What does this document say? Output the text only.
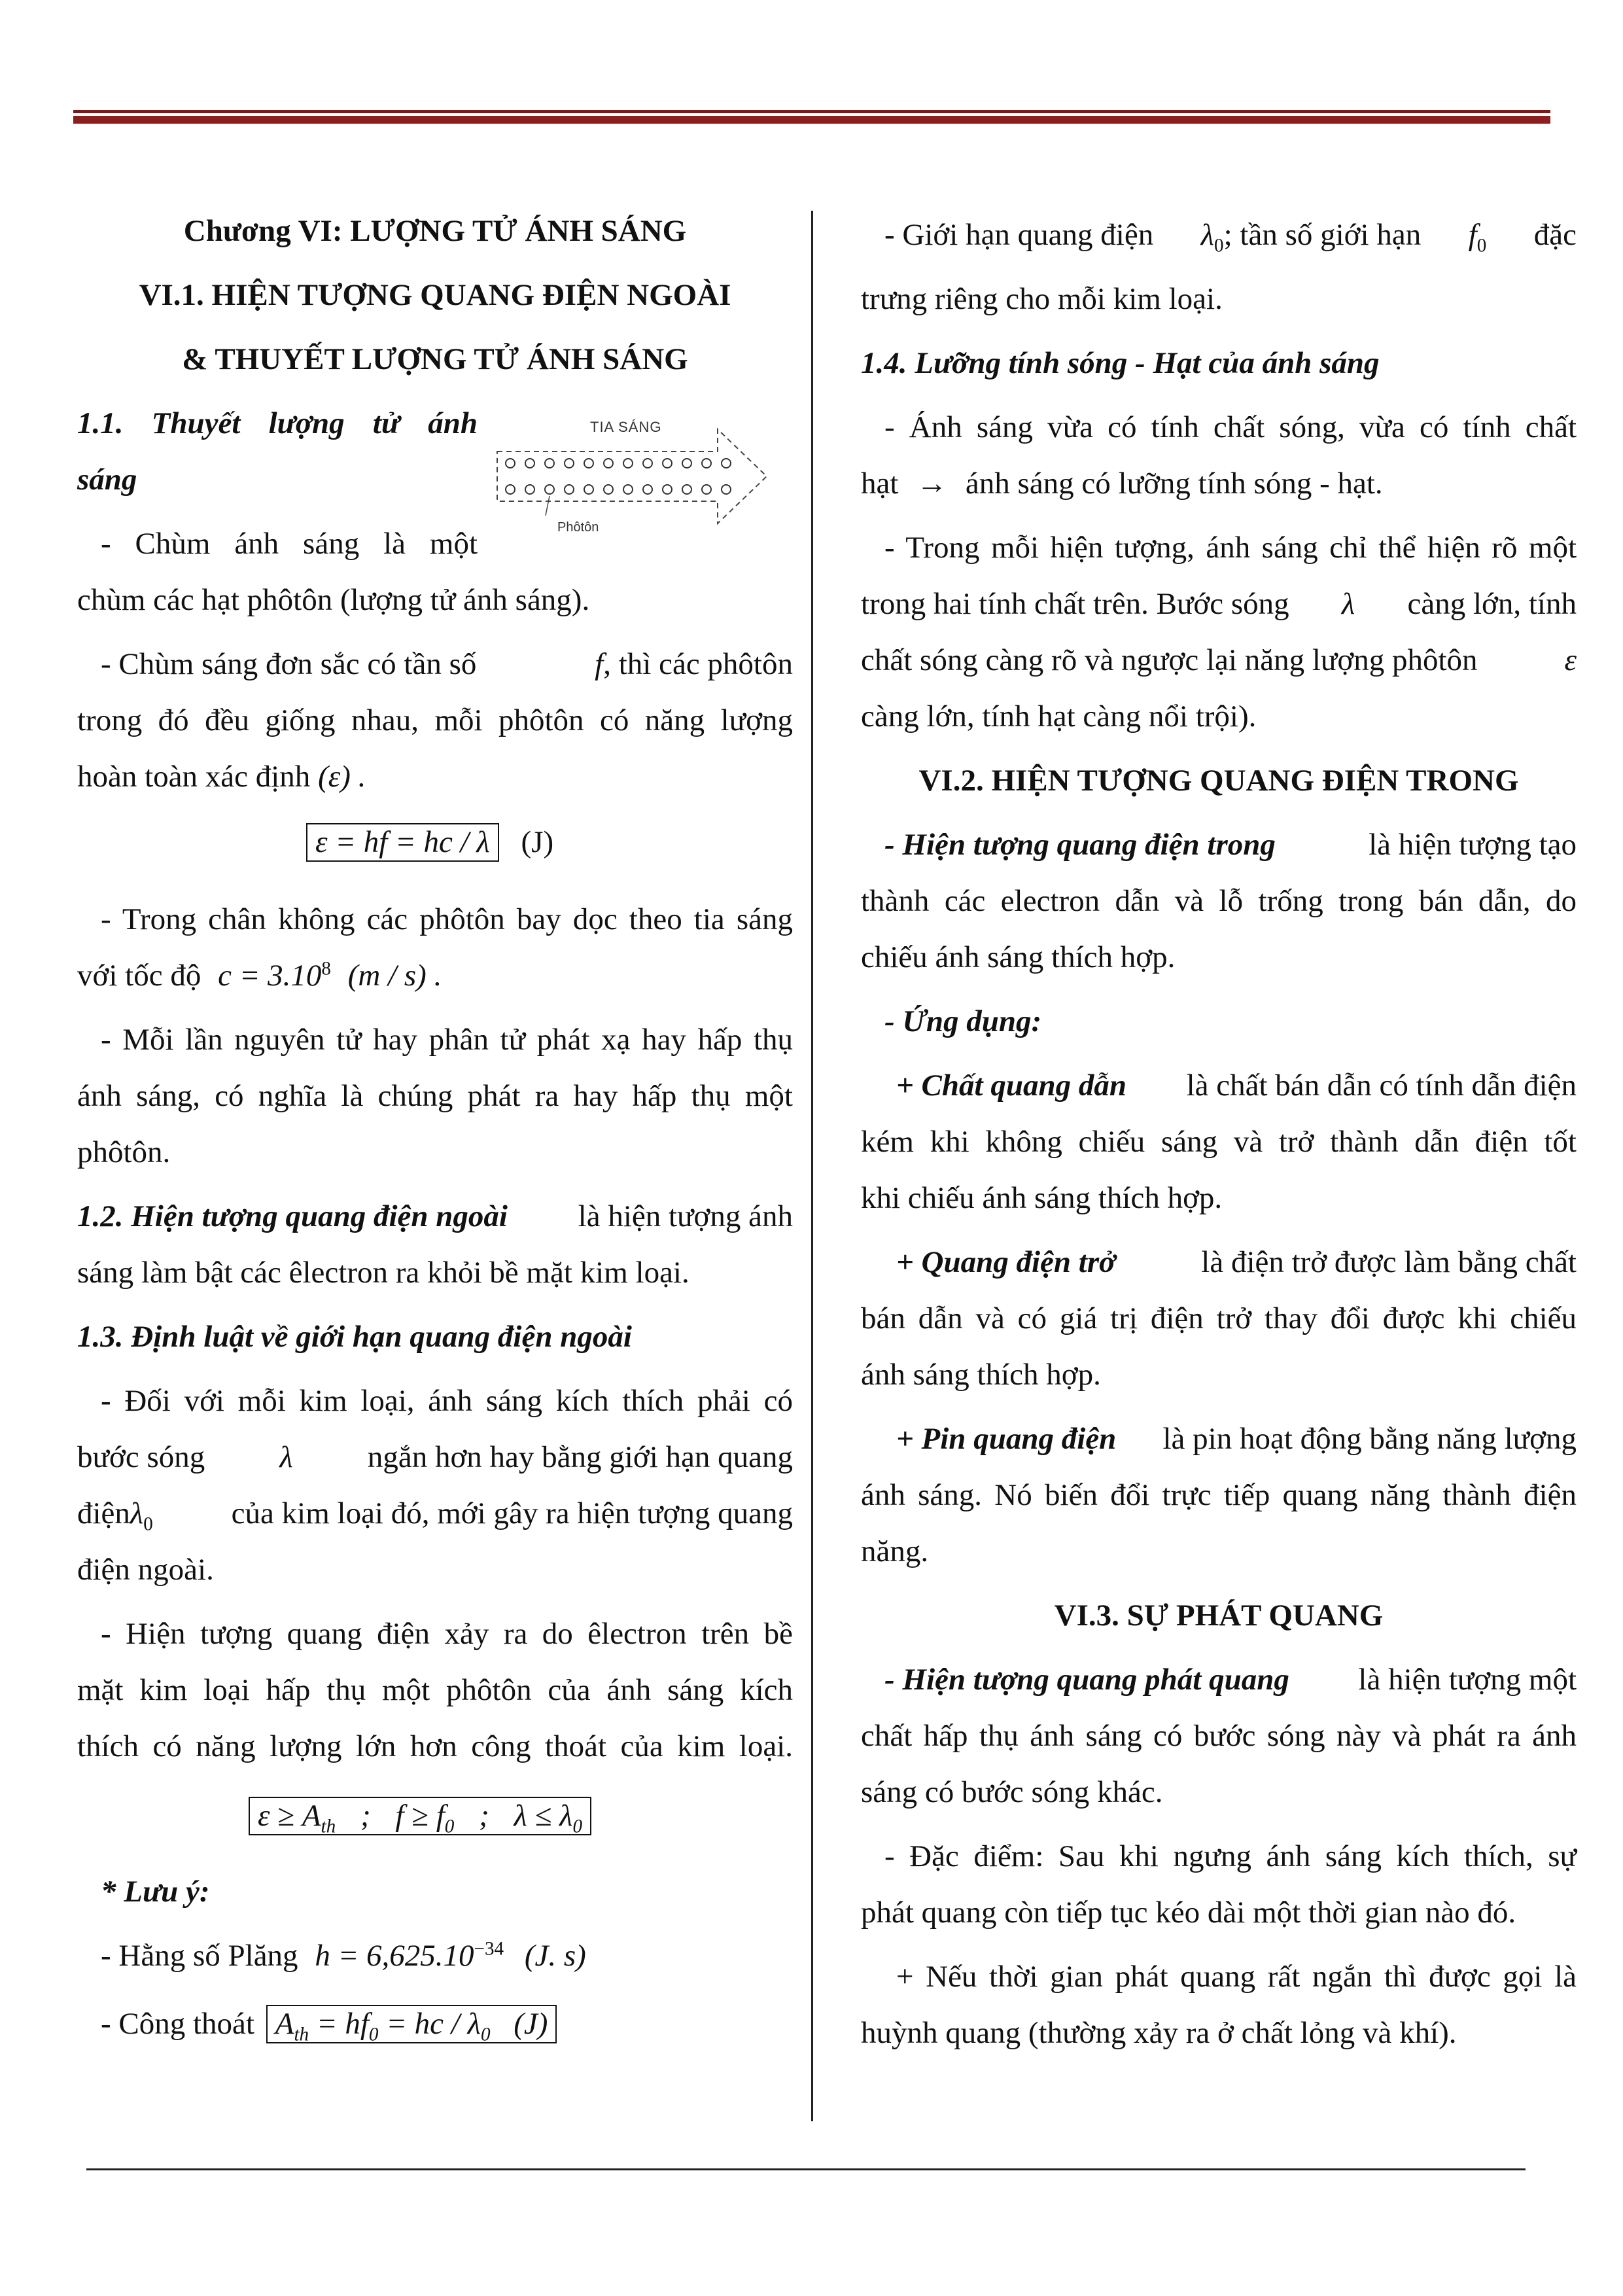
Chương VI: LƯỢNG TỬ ÁNH SÁNG
VI.1. HIỆN TƯỢNG QUANG ĐIỆN NGOÀI
& THUYẾT LƯỢNG TỬ ÁNH SÁNG
1.1. Thuyết lượng tử ánh
sáng
- Chùm ánh sáng là một
chùm các hạt phôtôn (lượng tử ánh sáng).
- Chùm sáng đơn sắc có tần số	f, thì các phôtôn
trong đó đều giống nhau, mỗi phôtôn có năng lượng
hoàn toàn xác định (ε) .
ε = hf = hc / λ (J)
- Trong chân không các phôtôn bay dọc theo tia sáng
với tốc độ $c = 3.10^8$ (m / s) .
- Mỗi lần nguyên tử hay phân tử phát xạ hay hấp thụ
ánh sáng, có nghĩa là chúng phát ra hay hấp thụ một
phôtôn.
1.2. Hiện tượng quang điện ngoài là hiện tượng ánh
sáng làm bật các êlectron ra khỏi bề mặt kim loại.
1.3. Định luật về giới hạn quang điện ngoài
- Đối với mỗi kim loại, ánh sáng kích thích phải có
bước sóng λ ngắn hơn hay bằng giới hạn quang
điệnλ$_0$	của kim loại đó, mới gây ra hiện tượng quang
điện ngoài.
- Hiện tượng quang điện xảy ra do êlectron trên bề
mặt kim loại hấp thụ một phôtôn của ánh sáng kích
thích có năng lượng lớn hơn công thoát của kim loại.
$\varepsilon \ge A_{th}$ ; $f \ge f_0$ ; $\lambda \le \lambda_0$
* Lưu ý:
- Hằng số Plăng $h = 6,625.10^{-34}$ (J. s)
- Công thoát $A_{th} = hf_0$ = hc / $\lambda_0$ (J)
TIA SÁNG
Phôtôn
- Giới hạn quang điện $\lambda_0$; tần số giới hạn $f_0$ đặc
trưng riêng cho mỗi kim loại.
1.4. Lưỡng tính sóng - Hạt của ánh sáng
- Ánh sáng vừa có tính chất sóng, vừa có tính chất
hạt → ánh sáng có lưỡng tính sóng - hạt.
- Trong mỗi hiện tượng, ánh sáng chỉ thể hiện rõ một
trong hai tính chất trên. Bước sóng λ càng lớn, tính
chất sóng càng rõ và ngược lại năng lượng phôtôn	ε
càng lớn, tính hạt càng nổi trội).
VI.2. HIỆN TƯỢNG QUANG ĐIỆN TRONG
- Hiện tượng quang điện trong	là hiện tượng tạo
thành các electron dẫn và lỗ trống trong bán dẫn, do
chiếu ánh sáng thích hợp.
- Ứng dụng:
+ Chất quang dẫn là chất bán dẫn có tính dẫn điện
kém khi không chiếu sáng và trở thành dẫn điện tốt
khi chiếu ánh sáng thích hợp.
+ Quang điện trở	là điện trở được làm bằng chất
bán dẫn và có giá trị điện trở thay đổi được khi chiếu
ánh sáng thích hợp.
+ Pin quang điện là pin hoạt động bằng năng lượng
ánh sáng. Nó biến đổi trực tiếp quang năng thành điện
năng.
VI.3. SỰ PHÁT QUANG
- Hiện tượng quang phát quang là hiện tượng một
chất hấp thụ ánh sáng có bước sóng này và phát ra ánh
sáng có bước sóng khác.
- Đặc điểm: Sau khi ngưng ánh sáng kích thích, sự
phát quang còn tiếp tục kéo dài một thời gian nào đó.
+ Nếu thời gian phát quang rất ngắn thì được gọi là
huỳnh quang (thường xảy ra ở chất lỏng và khí).
